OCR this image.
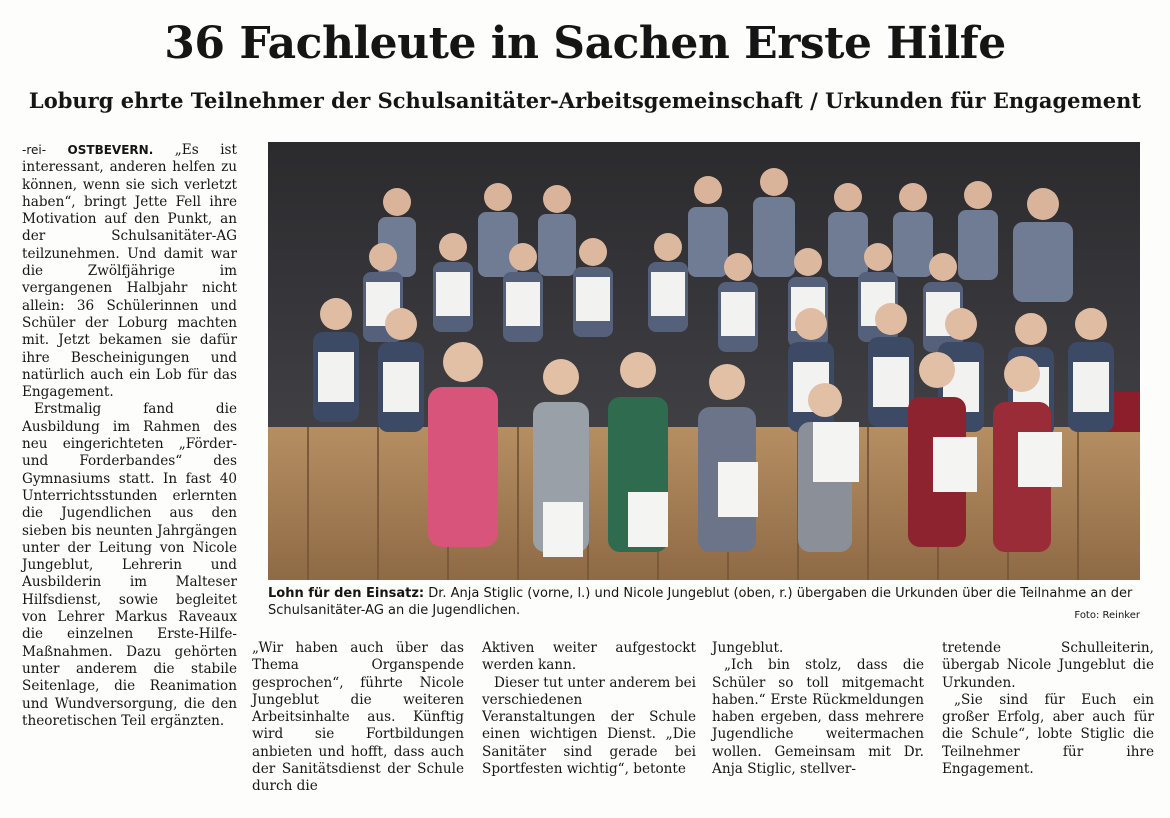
36 Fachleute in Sachen Erste Hilfe
Loburg ehrte Teilnehmer der Schulsanitäter-Arbeitsgemeinschaft / Urkunden für Engagement

-rei- OSTBEVERN. „Es ist interessant, anderen helfen zu können, wenn sie sich verletzt haben“, bringt Jette Fell ihre Motivation auf den Punkt, an der Schulsanitäter-AG teilzunehmen. Und damit war die Zwölfjährige im vergangenen Halbjahr nicht allein: 36 Schülerinnen und Schüler der Loburg machten mit. Jetzt bekamen sie dafür ihre Bescheinigungen und natürlich auch ein Lob für das Engagement.

Erstmalig fand die Ausbildung im Rahmen des neu eingerichteten „Förder- und Forderbandes“ des Gymnasiums statt. In fast 40 Unterrichtsstunden erlernten die Jugendlichen aus den sieben bis neunten Jahrgängen unter der Leitung von Nicole Jungeblut, Lehrerin und Ausbilderin im Malteser Hilfsdienst, sowie begleitet von Lehrer Markus Raveaux die einzelnen Erste-Hilfe-Maßnahmen. Dazu gehörten unter anderem die stabile Seitenlage, die Reanimation und Wundversorgung, die den theoretischen Teil ergänzten.

Lohn für den Einsatz: Dr. Anja Stiglic (vorne, l.) und Nicole Jungeblut (oben, r.) übergaben die Urkunden über die Teilnahme an der Schulsanitäter-AG an die Jugendlichen.	Foto: Reinker

„Wir haben auch über das Thema Organspende gesprochen“, führte Nicole Jungeblut die weiteren Arbeitsinhalte aus. Künftig wird sie Fortbildungen anbieten und hofft, dass auch der Sanitätsdienst der Schule durch die

Aktiven weiter aufgestockt werden kann.

Dieser tut unter anderem bei verschiedenen Veranstaltungen der Schule einen wichtigen Dienst. „Die Sanitäter sind gerade bei Sportfesten wichtig“, betonte

Jungeblut.

„Ich bin stolz, dass die Schüler so toll mitgemacht haben.“ Erste Rückmeldungen haben ergeben, dass mehrere Jugendliche weitermachen wollen. Gemeinsam mit Dr. Anja Stiglic, stellver-

tretende Schulleiterin, übergab Nicole Jungeblut die Urkunden.

„Sie sind für Euch ein großer Erfolg, aber auch für die Schule“, lobte Stiglic die Teilnehmer für ihre Engagement.
